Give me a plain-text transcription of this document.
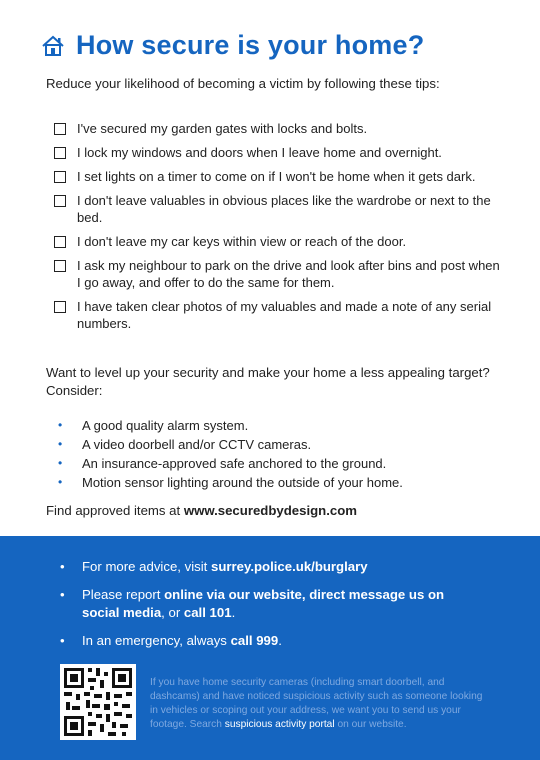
How secure is your home?
Reduce your likelihood of becoming a victim by following these tips:
I've secured my garden gates with locks and bolts.
I lock my windows and doors when I leave home and overnight.
I set lights on a timer to come on if I won't be home when it gets dark.
I don't leave valuables in obvious places like the wardrobe or next to the bed.
I don't leave my car keys within view or reach of the door.
I ask my neighbour to park on the drive and look after bins and post when I go away, and offer to do the same for them.
I have taken clear photos of my valuables and made a note of any serial numbers.
Want to level up your security and make your home a less appealing target? Consider:
•	A good quality alarm system.
•	A video doorbell and/or CCTV cameras.
•	An insurance-approved safe anchored to the ground.
•	Motion sensor lighting around the outside of your home.
Find approved items at www.securedbydesign.com
•	For more advice, visit surrey.police.uk/burglary
•	Please report online via our website, direct message us on social media, or call 101.
•	In an emergency, always call 999.
If you have home security cameras (including smart doorbell, and dashcams) and have noticed suspicious activity such as someone looking in vehicles or scoping out your address, we want you to send us your footage. Search suspicious activity portal on our website.
